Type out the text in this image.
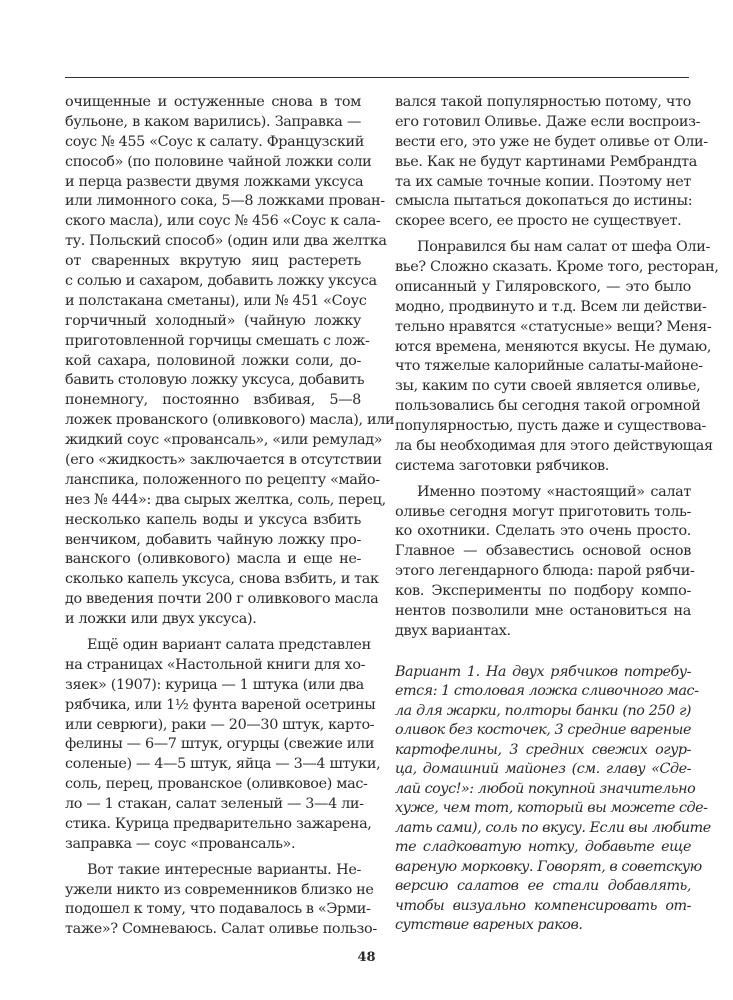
очищенные и остуженные снова в том
бульоне, в каком варились). Заправка —
соус № 455 «Соус к салату. Французский
способ» (по половине чайной ложки соли
и перца развести двумя ложками уксуса
или лимонного сока, 5—8 ложками прован-
ского масла), или соус № 456 «Соус к сала-
ту. Польский способ» (один или два желтка
от сваренных вкрутую яиц растереть
с солью и сахаром, добавить ложку уксуса
и полстакана сметаны), или № 451 «Соус
горчичный холодный» (чайную ложку
приготовленной горчицы смешать с лож-
кой сахара, половиной ложки соли, до-
бавить столовую ложку уксуса, добавить
понемногу, постоянно взбивая, 5—8
ложек прованского (оливкового) масла), или
жидкий соус «провансаль», «или ремулад»
(его «жидкость» заключается в отсутствии
ланспика, положенного по рецепту «майо-
нез № 444»: два сырых желтка, соль, перец,
несколько капель воды и уксуса взбить
венчиком, добавить чайную ложку про-
ванского (оливкового) масла и еще не-
сколько капель уксуса, снова взбить, и так
до введения почти 200 г оливкового масла
и ложки или двух уксуса).
Ещё один вариант салата представлен
на страницах «Настольной книги для хо-
зяек» (1907): курица — 1 штука (или два
рябчика, или 1½ фунта вареной осетрины
или севрюги), раки — 20—30 штук, карто-
фелины — 6—7 штук, огурцы (свежие или
соленые) — 4—5 штук, яйца — 3—4 штуки,
соль, перец, прованское (оливковое) мас-
ло — 1 стакан, салат зеленый — 3—4 ли-
стика. Курица предварительно зажарена,
заправка — соус «провансаль».
Вот такие интересные варианты. Не-
ужели никто из современников близко не
подошел к тому, что подавалось в «Эрми-
таже»? Сомневаюсь. Салат оливье пользо-
вался такой популярностью потому, что
его готовил Оливье. Даже если воспроиз-
вести его, это уже не будет оливье от Оли-
вье. Как не будут картинами Рембрандта
та их самые точные копии. Поэтому нет
смысла пытаться докопаться до истины:
скорее всего, ее просто не существует.
Понравился бы нам салат от шефа Оли-
вье? Сложно сказать. Кроме того, ресторан,
описанный у Гиляровского, — это было
модно, продвинуто и т.д. Всем ли действи-
тельно нравятся «статусные» вещи? Меня-
ются времена, меняются вкусы. Не думаю,
что тяжелые калорийные салаты-майоне-
зы, каким по сути своей является оливье,
пользовались бы сегодня такой огромной
популярностью, пусть даже и существова-
ла бы необходимая для этого действующая
система заготовки рябчиков.
Именно поэтому «настоящий» салат
оливье сегодня могут приготовить толь-
ко охотники. Сделать это очень просто.
Главное — обзавестись основой основ
этого легендарного блюда: парой рябчи-
ков. Эксперименты по подбору компо-
нентов позволили мне остановиться на
двух вариантах.
Вариант 1. На двух рябчиков потребу-
ется: 1 столовая ложка сливочного мас-
ла для жарки, полторы банки (по 250 г)
оливок без косточек, 3 средние вареные
картофелины, 3 средних свежих огур-
ца, домашний майонез (см. главу «Сде-
лай соус!»: любой покупной значительно
хуже, чем тот, который вы можете сде-
лать сами), соль по вкусу. Если вы любите
те сладковатую нотку, добавьте еще
вареную морковку. Говорят, в советскую
версию салатов ее стали добавлять,
чтобы визуально компенсировать от-
сутствие вареных раков.
48
